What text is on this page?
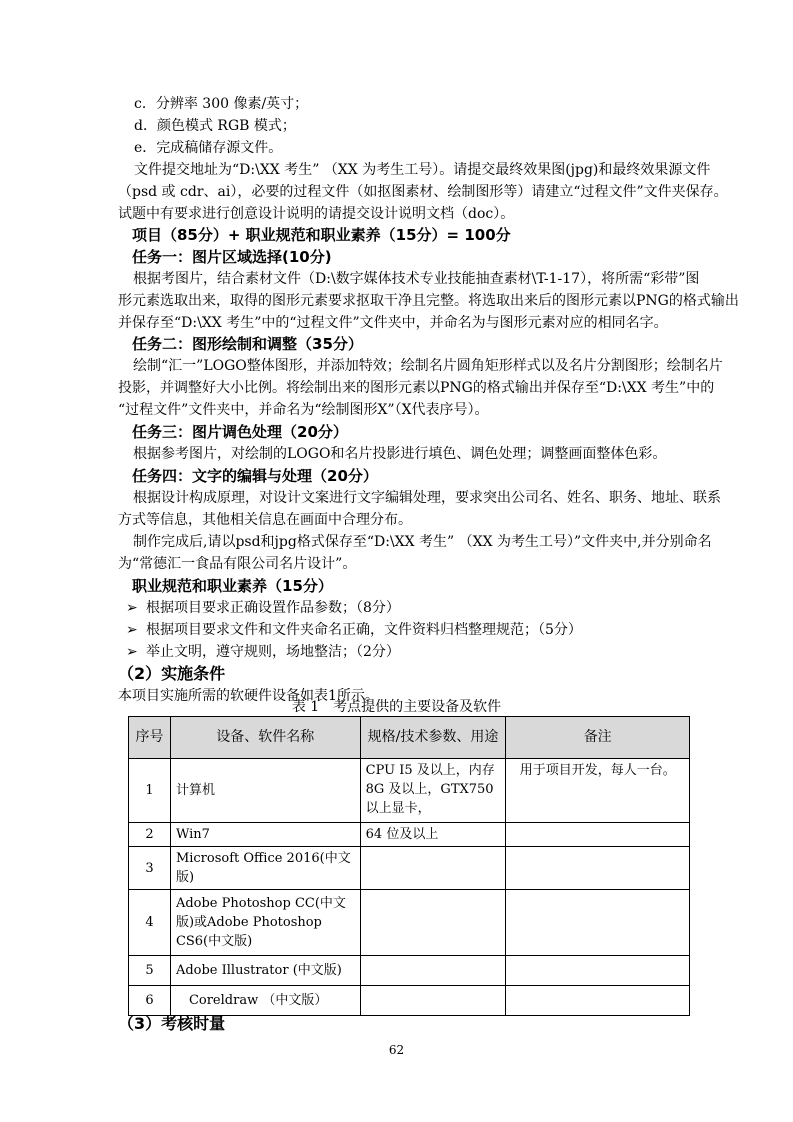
c．分辨率 300 像素/英寸；
d．颜色模式 RGB 模式；
e．完成稿储存源文件。
文件提交地址为“D:\XX 考生” （XX 为考生工号）。请提交最终效果图(jpg)和最终效果源文件
（psd 或 cdr、ai），必要的过程文件（如抠图素材、绘制图形等）请建立“过程文件”文件夹保存。
试题中有要求进行创意设计说明的请提交设计说明文档（doc）。
项目（85分）+ 职业规范和职业素养（15分）= 100分
任务一：图片区域选择(10分)
根据考图片，结合素材文件（D:\数字媒体技术专业技能抽查素材\T-1-17），将所需“彩带”图
形元素选取出来，取得的图形元素要求抠取干净且完整。将选取出来后的图形元素以PNG的格式输出
并保存至“D:\XX 考生”中的“过程文件”文件夹中，并命名为与图形元素对应的相同名字。
任务二：图形绘制和调整（35分）
绘制“汇一”LOGO整体图形，并添加特效；绘制名片圆角矩形样式以及名片分割图形；绘制名片
投影，并调整好大小比例。将绘制出来的图形元素以PNG的格式输出并保存至“D:\XX 考生”中的
“过程文件”文件夹中，并命名为“绘制图形X”（X代表序号）。
任务三：图片调色处理（20分）
根据参考图片，对绘制的LOGO和名片投影进行填色、调色处理；调整画面整体色彩。
任务四：文字的编辑与处理（20分）
根据设计构成原理，对设计文案进行文字编辑处理，要求突出公司名、姓名、职务、地址、联系
方式等信息，其他相关信息在画面中合理分布。
制作完成后,请以psd和jpg格式保存至“D:\XX 考生” （XX 为考生工号）”文件夹中,并分别命名
为“常德汇一食品有限公司名片设计”。
职业规范和职业素养（15分）
➢ 根据项目要求正确设置作品参数；（8分）
➢ 根据项目要求文件和文件夹命名正确，文件资料归档整理规范；（5分）
➢ 举止文明，遵守规则，场地整洁；（2分）
（2）实施条件
本项目实施所需的软硬件设备如表1所示。
表 1　考点提供的主要设备及软件
序号	设备、软件名称	规格/技术参数、用途	备注
1	计算机	CPU I5 及以上，内存 8G 及以上，GTX750 以上显卡，	用于项目开发，每人一台。
2	Win7	64 位及以上	
3	Microsoft Office 2016(中文版)		
4	Adobe Photoshop CC(中文版)或Adobe Photoshop CS6(中文版)		
5	Adobe Illustrator (中文版)		
6	Coreldraw （中文版）		
（3）考核时量
62
